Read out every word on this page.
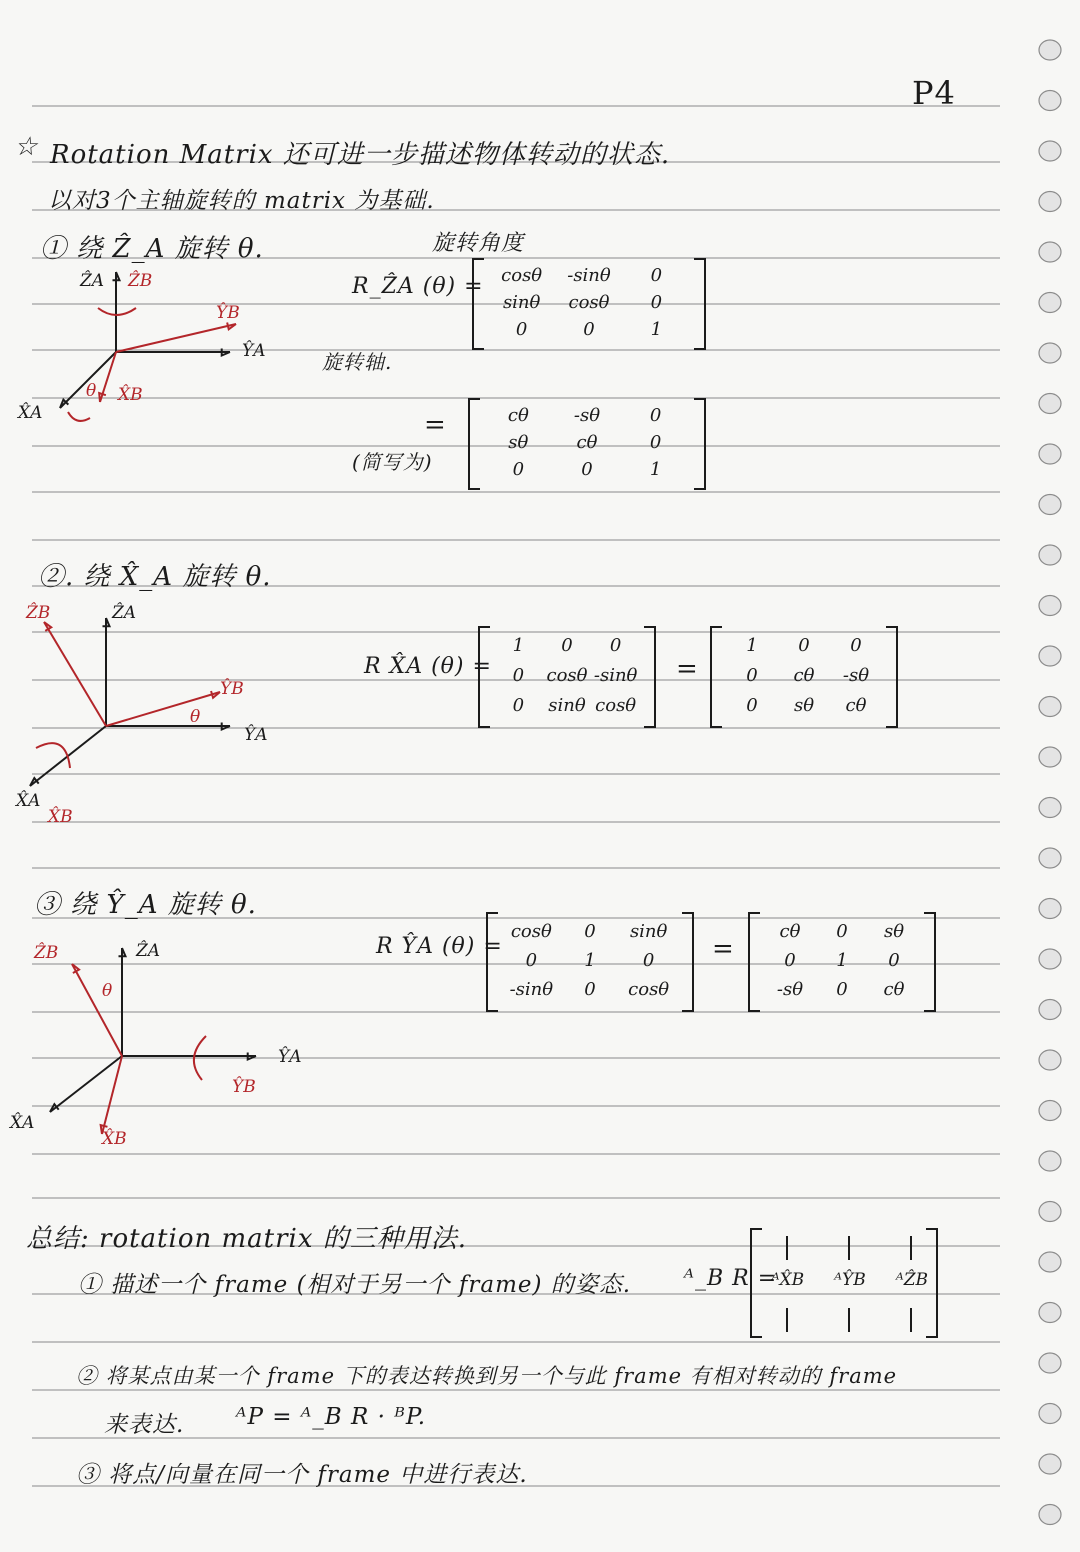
P4
☆ Rotation Matrix 还可进一步描述物体转动的状态.
以对3个主轴旋转的 matrix 为基础.
① 绕 Ẑ_A 旋转 θ.	旋转角度
旋转轴.
R_ẐA (θ) = cosθ	-sinθ	0
sinθ	cosθ	0
0	0	1
=
(简写为)
cθ	-sθ	0
sθ	cθ	0
0	0	1
ẐA ẐB
ŶA
ŶB
X̂A
X̂B
θ
②. 绕 X̂_A 旋转 θ.
R X̂A (θ) =
1	0	0
0	cosθ -sinθ
0	sinθ cosθ
=
1	0	0
0	cθ	-sθ
0	sθ	cθ
ẐB	ẐA
ŶA
ŶB
X̂A
X̂B
θ
③ 绕 Ŷ_A 旋转 θ.
R ŶA (θ) =
cosθ	0	sinθ
0	1	0
-sinθ	0	cosθ
=
cθ	0	sθ
0	1	0
-sθ	0	cθ
ẐB	ẐA
ŶA
ŶB
X̂A
X̂B
θ
总结: rotation matrix 的三种用法.
① 描述一个 frame (相对于另一个 frame) 的姿态. ᴬ_B R =
ᴬX̂B	ᴬŶB	ᴬẐB
② 将某点由某一个 frame 下的表达转换到另一个与此 frame 有相对转动的 frame
来表达. ᴬP = ᴬ_B R · ᴮP.
③ 将点/向量在同一个 frame 中进行表达.
